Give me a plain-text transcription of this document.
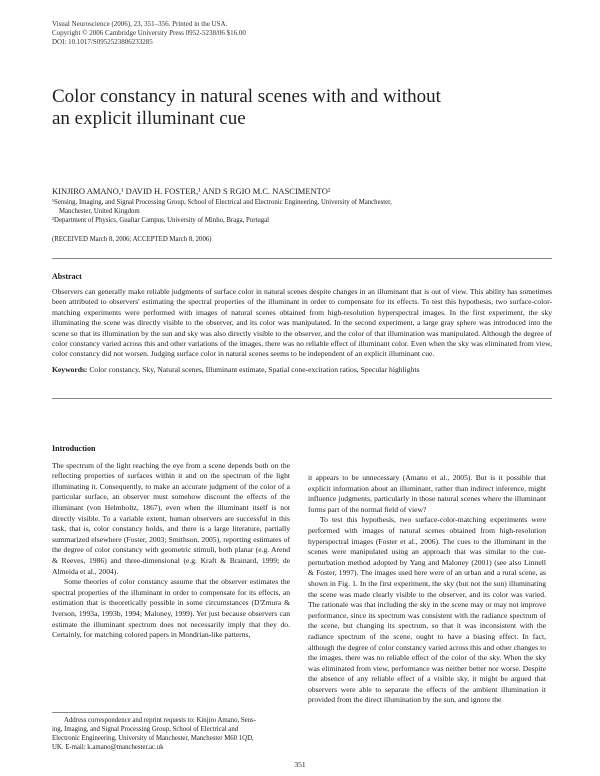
Visual Neuroscience (2006), 23, 351–356. Printed in the USA.
Copyright © 2006 Cambridge University Press 0952-5238/06 $16.00
DOI: 10.1017/S0952523806233285
Color constancy in natural scenes with and without
an explicit illuminant cue
KINJIRO AMANO,¹ DAVID H. FOSTER,¹ AND S RGIO M.C. NASCIMENTO²
¹Sensing, Imaging, and Signal Processing Group, School of Electrical and Electronic Engineering, University of Manchester,
Manchester, United Kingdom
²Department of Physics, Gualtar Campus, University of Minho, Braga, Portugal
(RECEIVED March 8, 2006; ACCEPTED March 8, 2006)
Abstract
Observers can generally make reliable judgments of surface color in natural scenes despite changes in an illuminant that is out of view. This ability has sometimes been attributed to observers' estimating the spectral properties of the illuminant in order to compensate for its effects. To test this hypothesis, two surface-color-matching experiments were performed with images of natural scenes obtained from high-resolution hyperspectral images. In the first experiment, the sky illuminating the scene was directly visible to the observer, and its color was manipulated. In the second experiment, a large gray sphere was introduced into the scene so that its illumination by the sun and sky was also directly visible to the observer, and the color of that illumination was manipulated. Although the degree of color constancy varied across this and other variations of the images, there was no reliable effect of illuminant color. Even when the sky was eliminated from view, color constancy did not worsen. Judging surface color in natural scenes seems to be independent of an explicit illuminant cue.
Keywords: Color constancy, Sky, Natural scenes, Illuminant estimate, Spatial cone-excitation ratios, Specular highlights
Introduction

The spectrum of the light reaching the eye from a scene depends both on the reflecting properties of surfaces within it and on the spectrum of the light illuminating it. Consequently, to make an accurate judgment of the color of a particular surface, an observer must somehow discount the effects of the illuminant (von Helmholtz, 1867), even when the illuminant itself is not directly visible. To a variable extent, human observers are successful in this task, that is, color constancy holds, and there is a large literature, partially summarized elsewhere (Foster, 2003; Smithson, 2005), reporting estimates of the degree of color constancy with geometric stimuli, both planar (e.g. Arend & Reeves, 1986) and three-dimensional (e.g. Kraft & Brainard, 1999; de Almeida et al., 2004).

Some theories of color constancy assume that the observer estimates the spectral properties of the illuminant in order to compensate for its effects, an estimation that is theoretically possible in some circumstances (D'Zmura & Iverson, 1993a, 1993b, 1994; Maloney, 1999). Yet just because observers can estimate the illuminant spectrum does not necessarily imply that they do. Certainly, for matching colored papers in Mondrian-like patterns,

it appears to be unnecessary (Amano et al., 2005). But is it possible that explicit information about an illuminant, rather than indirect inference, might influence judgments, particularly in those natural scenes where the illuminant forms part of the normal field of view?

To test this hypothesis, two surface-color-matching experiments were performed with images of natural scenes obtained from high-resolution hyperspectral images (Foster et al., 2006). The cues to the illuminant in the scenes were manipulated using an approach that was similar to the cue-perturbation method adopted by Yang and Maloney (2001) (see also Linnell & Foster, 1997). The images used here were of an urban and a rural scene, as shown in Fig. 1. In the first experiment, the sky (but not the sun) illuminating the scene was made clearly visible to the observer, and its color was varied. The rationale was that including the sky in the scene may or may not improve performance, since its spectrum was consistent with the radiance spectrum of the scene, but changing its spectrum, so that it was inconsistent with the radiance spectrum of the scene, ought to have a biasing effect. In fact, although the degree of color constancy varied across this and other changes to the images, there was no reliable effect of the color of the sky. When the sky was eliminated from view, performance was neither better nor worse. Despite the absence of any reliable effect of a visible sky, it might be argued that observers were able to separate the effects of the ambient illumination it provided from the direct illumination by the sun, and ignore the

Address correspondence and reprint requests to: Kinjiro Amano, Sens-
ing, Imaging, and Signal Processing Group, School of Electrical and
Electronic Engineering, University of Manchester, Manchester M60 1QD,
UK. E-mail: k.amano@manchester.ac.uk
351
